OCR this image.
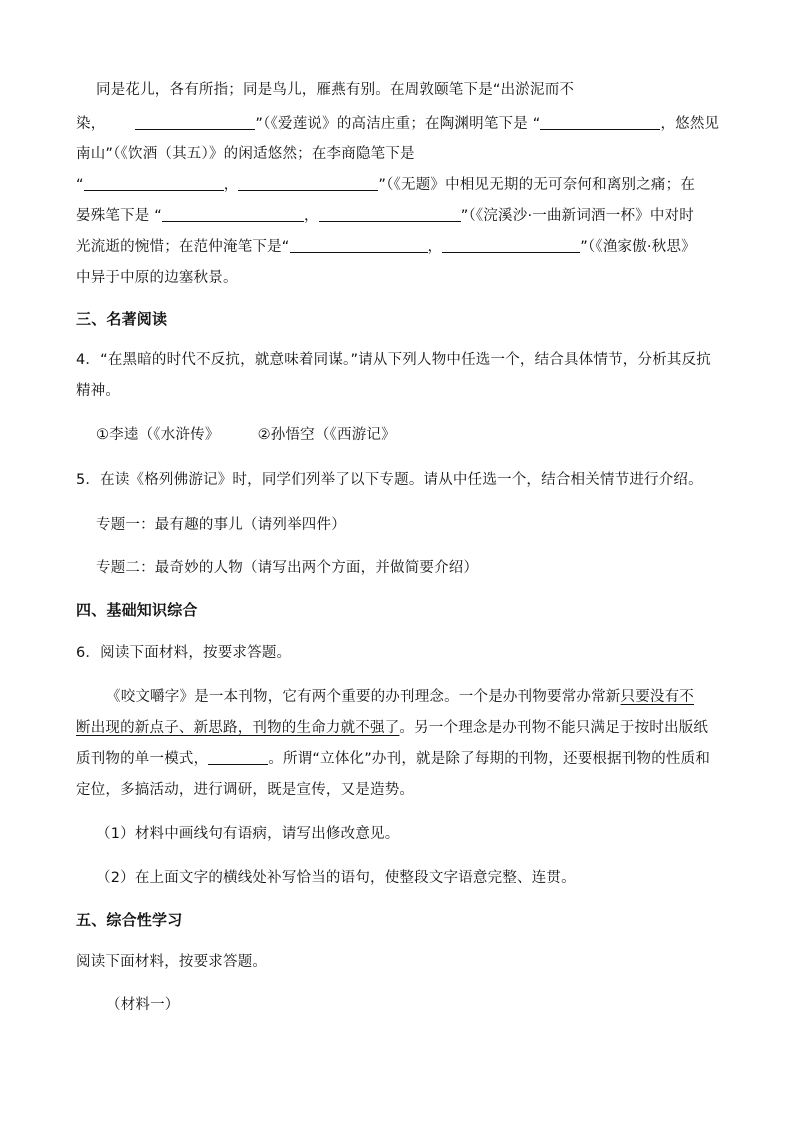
同是花儿，各有所指；同是鸟儿，雁燕有别。在周敦颐笔下是“出淤泥而不
染，	”（《爱莲说》的高洁庄重；在陶渊明笔下是 “	，悠然见
南山”（《饮酒（其五）》的闲适悠然；在李商隐笔下是
“	，	”（《无题》中相见无期的无可奈何和离别之痛；在
晏殊笔下是 “	，	”（《浣溪沙·一曲新词酒一杯》中对时
光流逝的惋惜；在范仲淹笔下是“	，	”（《渔家傲·秋思》
中异于中原的边塞秋景。
三、名著阅读
4．“在黑暗的时代不反抗，就意味着同谋。”请从下列人物中任选一个，结合具体情节，分析其反抗
精神。
①李逵（《水浒传》	②孙悟空（《西游记》
5．在读《格列佛游记》时，同学们列举了以下专题。请从中任选一个，结合相关情节进行介绍。
专题一：最有趣的事儿（请列举四件）
专题二：最奇妙的人物（请写出两个方面，并做简要介绍）
四、基础知识综合
6．阅读下面材料，按要求答题。
《咬文嚼字》是一本刊物，它有两个重要的办刊理念。一个是办刊物要常办常新只要没有不
断出现的新点子、新思路，刊物的生命力就不强了。另一个理念是办刊物不能只满足于按时出版纸
质刊物的单一模式，	。所谓“立体化”办刊，就是除了每期的刊物，还要根据刊物的性质和
定位，多搞活动，进行调研，既是宣传，又是造势。
（1）材料中画线句有语病，请写出修改意见。
（2）在上面文字的横线处补写恰当的语句，使整段文字语意完整、连贯。
五、综合性学习
阅读下面材料，按要求答题。
（材料一）
